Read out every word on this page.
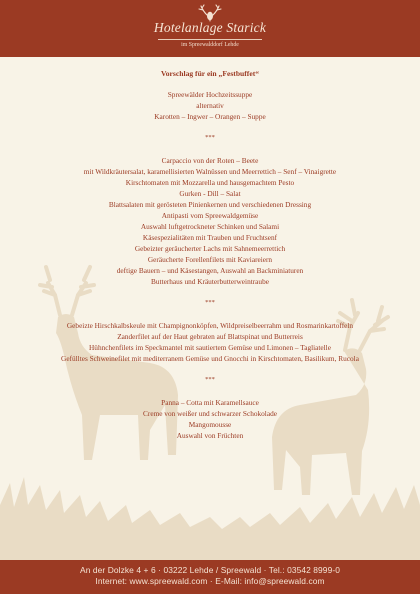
Hotelanlage Starick
im Spreewalddorf Lehde
Vorschlag für ein „Festbuffet“
Spreewälder Hochzeitssuppe
alternativ
Karotten – Ingwer – Orangen – Suppe
***
Carpaccio von der Roten – Beete
mit Wildkräutersalat, karamellisierten Walnüssen und Meerrettich – Senf – Vinaigrette
Kirschtomaten mit Mozzarella und hausgemachtem Pesto
Gurken - Dill – Salat
Blattsalaten mit gerösteten Pinienkernen und verschiedenen Dressing
Antipasti vom Spreewaldgemüse
Auswahl luftgetrockneter Schinken und Salami
Käsespezialitäten mit Trauben und Fruchtsenf
Gebeizter geräucherter Lachs mit Sahnemeerrettich
Geräucherte Forellenfilets mit Kaviareiern
deftige Bauern – und Käsestangen, Auswahl an Backminiaturen
Butterhaus und Kräuterbutterweintraube
***
Gebeizte Hirschkalbskeule mit Champignonköpfen, Wildpreiselbeerrahm und Rosmarinkartoffeln
Zanderfilet auf der Haut gebraten auf Blattspinat und Butterreis
Hühnchenfilets im Speckmantel mit sautiertem Gemüse und Limonen – Tagliatelle
Gefülltes Schweinefilet mit mediterranem Gemüse und Gnocchi in Kirschtomaten, Basilikum, Rucola
***
Panna – Cotta mit Karamellsauce
Creme von weißer und schwarzer Schokolade
Mangomousse
Auswahl von Früchten
An der Dolzke 4 + 6 · 03222 Lehde / Spreewald · Tel.: 03542 8999-0
Internet: www.spreewald.com · E-Mail: info@spreewald.com
